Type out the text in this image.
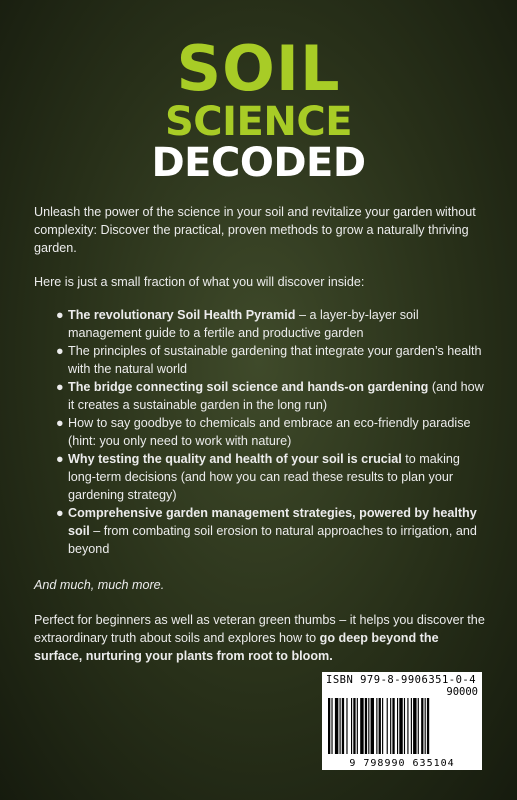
SOIL
SCIENCE
DECODED

Unleash the power of the science in your soil and revitalize your garden without complexity: Discover the practical, proven methods to grow a naturally thriving garden.

Here is just a small fraction of what you will discover inside:

● The revolutionary Soil Health Pyramid – a layer-by-layer soil management guide to a fertile and productive garden
● The principles of sustainable gardening that integrate your garden’s health with the natural world
● The bridge connecting soil science and hands-on gardening (and how it creates a sustainable garden in the long run)
● How to say goodbye to chemicals and embrace an eco-friendly paradise (hint: you only need to work with nature)
● Why testing the quality and health of your soil is crucial to making long-term decisions (and how you can read these results to plan your gardening strategy)
● Comprehensive garden management strategies, powered by healthy soil – from combating soil erosion to natural approaches to irrigation, and beyond

And much, much more.

Perfect for beginners as well as veteran green thumbs – it helps you discover the extraordinary truth about soils and explores how to go deep beyond the surface, nurturing your plants from root to bloom.

ISBN 979-8-9906351-0-4
90000
9 798990 635104
